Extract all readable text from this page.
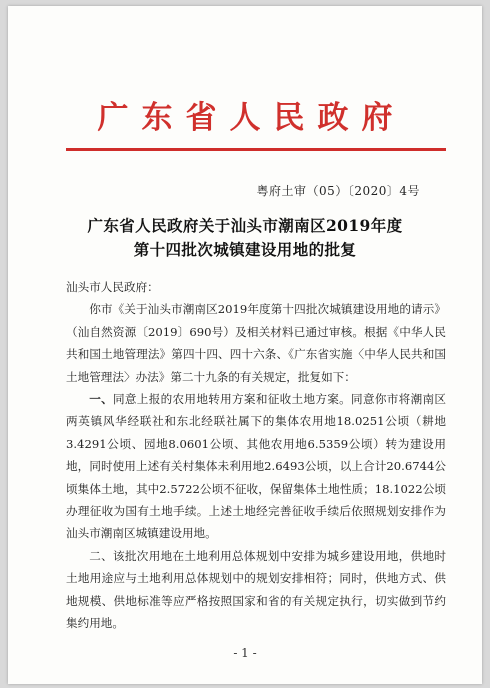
广东省人民政府
粤府土审（05）〔2020〕4号
广东省人民政府关于汕头市潮南区2019年度
第十四批次城镇建设用地的批复

汕头市人民政府：

你市《关于汕头市潮南区2019年度第十四批次城镇建设用地的请示》（汕自然资源〔2019〕690号）及相关材料已通过审核。根据《中华人民共和国土地管理法》第四十四、四十六条、《广东省实施〈中华人民共和国土地管理法〉办法》第二十九条的有关规定，批复如下：

一、同意上报的农用地转用方案和征收土地方案。同意你市将潮南区两英镇风华经联社和东北经联社属下的集体农用地18.0251公顷（耕地3.4291公顷、园地8.0601公顷、其他农用地6.5359公顷）转为建设用地，同时使用上述有关村集体未利用地2.6493公顷，以上合计20.6744公顷集体土地，其中2.5722公顷不征收，保留集体土地性质；18.1022公顷办理征收为国有土地手续。上述土地经完善征收手续后依照规划安排作为汕头市潮南区城镇建设用地。

二、该批次用地在土地利用总体规划中安排为城乡建设用地，供地时土地用途应与土地利用总体规划中的规划安排相符；同时，供地方式、供地规模、供地标准等应严格按照国家和省的有关规定执行，切实做到节约集约用地。

- 1 -
